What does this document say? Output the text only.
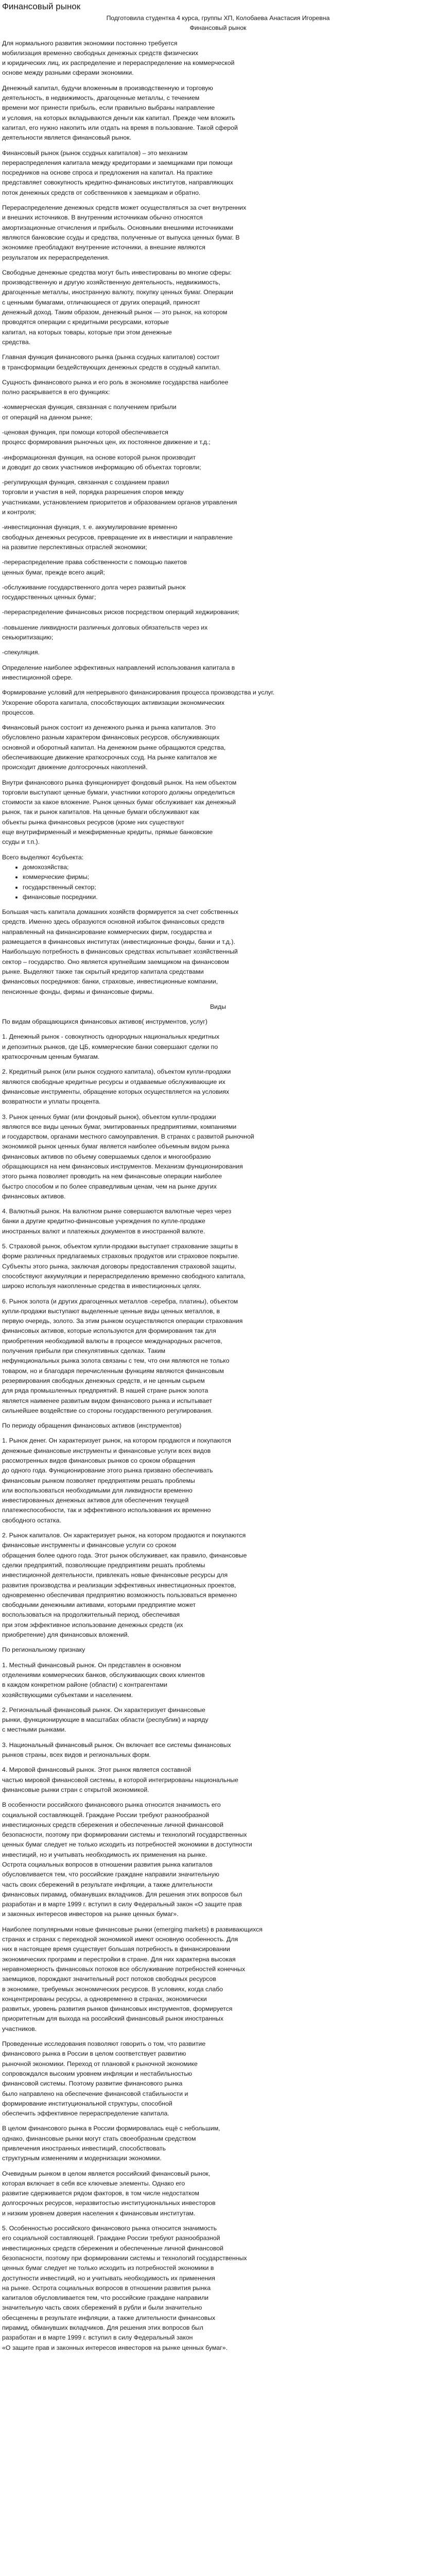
Финансовый рынок

Подготовила студентка 4 курса, группы ХП, Колобаева Анастасия Игоревна

Финансовый рынок

Для нормального развития экономики постоянно требуется
мобилизация временно свободных денежных средств физических
и юридических лиц, их распределение и перераспределение на коммерческой
основе между разными сферами экономики.
Денежный капитал, будучи вложенным в производственную и торговую
деятельность, в недвижимость, драгоценные металлы, с течением
времени мог принести прибыль, если правильно выбраны направление
и условия, на которых вкладываются деньги как капитал. Прежде чем вложить
капитал, его нужно накопить или отдать на время в пользование. Такой сферой
деятельности является финансовый рынок.
Финансовый рынок (рынок ссудных капиталов) – это механизм
перераспределения капитала между кредиторами и заемщиками при помощи
посредников на основе спроса и предложения на капитал. На практике
представляет совокупность кредитно-финансовых институтов, направляющих
поток денежных средств от собственников к заемщикам и обратно.
Перераспределение денежных средств может осуществляться за счет внутренних
и внешних источников. В внутренним источникам обычно относятся
амортизационные отчисления и прибыль. Основными внешними источниками
являются банковские ссуды и средства, полученные от выпуска ценных бумаг. В
экономике преобладают внутренние источники, а внешние являются
результатом их перераспределения.
Свободные денежные средства могут быть инвестированы во многие сферы:
производственную и другую хозяйственную деятельность, недвижимость,
драгоценные металлы, иностранную валюту, покупку ценных бумаг. Операции
с ценными бумагами, отличающиеся от других операций, приносят
денежный доход. Таким образом, денежный рынок — это рынок, на котором
проводятся операции с кредитными ресурсами, которые
капитал, на которых товары, которые при этом денежные
средства.
Главная функция финансового рынка (рынка ссудных капиталов) состоит
в трансформации бездействующих денежных средств в ссудный капитал.
Сущность финансового рынка и его роль в экономике государства наиболее
полно раскрывается в его функциях:
-коммерческая функция, связанная с получением прибыли
от операций на данном рынке;
-ценовая функция, при помощи которой обеспечивается
процесс формирования рыночных цен, их постоянное движение и т.д.;
-информационная функция, на основе которой рынок производит
и доводит до своих участников информацию об объектах торговли;
-регулирующая функция, связанная с созданием правил
торговли и участия в ней, порядка разрешения споров между
участниками, установлением приоритетов и образованием органов управления
и контроля;
-инвестиционная функция, т. е. аккумулирование временно
свободных денежных ресурсов, превращение их в инвестиции и направление
на развитие перспективных отраслей экономики;
-перераспределение права собственности с помощью пакетов
ценных бумаг, прежде всего акций;
-обслуживание государственного долга через развитый рынок
государственных ценных бумаг;
-перераспределение финансовых рисков посредством операций хеджирования;
-повышение ликвидности различных долговых обязательств через их
секьюритизацию;
-спекуляция.
Определение наиболее эффективных направлений использования капитала в
инвестиционной сфере.
Формирование условий для непрерывного финансирования процесса производства и услуг.
Ускорение оборота капитала, способствующих активизации экономических
процессов.
Финансовый рынок состоит из денежного рынка и рынка капиталов. Это
обусловлено разным характером финансовых ресурсов, обслуживающих
основной и оборотный капитал. На денежном рынке обращаются средства,
обеспечивающие движение краткосрочных ссуд. На рынке капиталов же
происходит движение долгосрочных накоплений.
Внутри финансового рынка функционирует фондовый рынок. На нем объектом
торговли выступают ценные бумаги, участники которого должны определиться
стоимости за какое вложение. Рынок ценных бумаг обслуживает как денежный
рынок, так и рынок капиталов. На ценные бумаги обслуживают как
объекты рынка финансовых ресурсов (кроме них существуют
еще внутрифирменный и межфирменные кредиты, прямые банковские
ссуды и т.п.).
Всего выделяют 4субъекта:
• домохозяйства;
• коммерческие фирмы;
• государственный сектор;
• финансовые посредники.
Большая часть капитала домашних хозяйств формируется за счет собственных
средств. Именно здесь образуются основной избыток финансовых средств
направленный на финансирование коммерческих фирм, государства и
размещается в финансовых институтах (инвестиционные фонды, банки и т.д.).
Наибольшую потребность в финансовых средствах испытывает хозяйственный
сектор – государство. Оно является крупнейшим заемщиком на финансовом
рынке. Выделяют также так скрытый кредитор капитала средствами
финансовых посредников: банки, страховые, инвестиционные компании,
пенсионные фонды, фирмы и финансовые фирмы.
Виды
По видам обращающихся финансовых активов( инструментов, услуг)
1. Денежный рынок - совокупность однородных национальных кредитных
и депозитных рынков, где ЦБ, коммерческие банки совершают сделки по
краткосрочным ценным бумагам.
2. Кредитный рынок (или рынок ссудного капитала), объектом купли-продажи
являются свободные кредитные ресурсы и отдаваемые обслуживающие их
финансовые инструменты, обращение которых осуществляется на условиях
возвратности и уплаты процента.
3. Рынок ценных бумаг (или фондовый рынок), объектом купли-продажи
являются все виды ценных бумаг, эмитированных предприятиями, компаниями
и государством, органами местного самоуправления. В странах с развитой рыночной
экономикой рынок ценных бумаг является наиболее объемным видом рынка
финансовых активов по объему совершаемых сделок и многообразию
обращающихся на нем финансовых инструментов. Механизм функционирования
этого рынка позволяет проводить на нем финансовые операции наиболее
быстро способом и по более справедливым ценам, чем на рынке других
финансовых активов.
4. Валютный рынок. На валютном рынке совершаются валютные через через
банки а другие кредитно-финансовые учреждения по купле-продаже
иностранных валют и платежных документов в иностранной валюте.
5. Страховой рынок, объектом купли-продажи выступает страхование защиты в
форме различных предлагаемых страховых продуктов или страховое покрытие.
Субъекты этого рынка, заключая договоры предоставления страховой защиты,
способствуют аккумуляции и перераспределению временно свободного капитала,
широко используя накопленные средства в инвестиционных целях.
6. Рынок золота (и других драгоценных металлов -серебра, платины), объектом
купли-продажи выступают выделенные ценные виды ценных металлов, в
первую очередь, золото. За этим рынком осуществляются операции страхования
финансовых активов, которые используются для формирования так для
приобретения необходимой валюты в процессе международных расчетов,
получения прибыли при спекулятивных сделках. Таким
нефункциональных рынка золота связаны с тем, что они являются не только
товаром, но и благодаря перечисленным функциям являются финансовым
резервирования свободных денежных средств, и не ценным сырьем
для ряда промышленных предприятий. В нашей стране рынок золота
является наименее развитым видом финансового рынка и испытывает
сильнейшее воздействие со стороны государственного регулирования.
По периоду обращения финансовых активов (инструментов)
1. Рынок денег. Он характеризует рынок, на котором продаются и покупаются
денежные финансовые инструменты и финансовые услуги всех видов
рассмотренных видов финансовых рынков со сроком обращения
до одного года. Функционирование этого рынка призвано обеспечивать
финансовым рынком позволяет предприятиям решать проблемы
или воспользоваться необходимыми для ликвидности временно
инвестированных денежных активов для обеспечения текущей
платежеспособности, так и эффективного использования их временно
свободного остатка.
2. Рынок капиталов. Он характеризует рынок, на котором продаются и покупаются
финансовые инструменты и финансовые услуги со сроком
обращения более одного года. Этот рынок обслуживает, как правило, финансовые
сделки предприятий, позволяющие предприятиям решать проблемы
инвестиционной деятельности, привлекать новые финансовые ресурсы для
развития производства и реализации эффективных инвестиционных проектов,
одновременно обеспечивая предприятию возможность пользоваться временно
свободными денежными активами, которыми предприятие может
воспользоваться на продолжительный период, обеспечивая
при этом эффективное использование денежных средств (их
приобретение) для финансовых вложений.
По региональному признаку
1. Местный финансовый рынок. Он представлен в основном
отделениями коммерческих банков, обслуживающих своих клиентов
в каждом конкретном районе (области) с контрагентами
хозяйствующими субъектами и населением.
2. Региональный финансовый рынок. Он характеризует финансовые
рынки, функционирующие в масштабах области (республик) и наряду
с местными рынками.
3. Национальный финансовый рынок. Он включает все системы финансовых
рынков страны, всех видов и региональных форм.
4. Мировой финансовый рынок. Этот рынок является составной
частью мировой финансовой системы, в которой интегрированы национальные
финансовые рынки стран с открытой экономикой.
В особенности российского финансового рынка относится значимость его
социальной составляющей. Граждане России требуют разнообразной
инвестиционных средств сбережения и обеспеченные личной финансовой
безопасности, поэтому при формировании системы и технологий государственных
ценных бумаг следует не только исходить из потребностей экономики в доступности
инвестиций, но и учитывать необходимость их применения на рынке.
Острота социальных вопросов в отношении развития рынка капиталов
обусловливается тем, что российские граждане направили значительную
часть своих сбережений в результате инфляции, а также длительности
финансовых пирамид, обманувших вкладчиков. Для решения этих вопросов был
разработан и в марте 1999 г. вступил в силу Федеральный закон «О защите прав
и законных интересов инвесторов на рынке ценных бумаг».
Наиболее популярными новые финансовые рынки (emerging markets) в развивающихся
странах и странах с переходной экономикой имеют основную особенность. Для
них в настоящее время существует большая потребность в финансировании
экономических программ и перестройки в стране. Для них характерна высокая
неравномерность финансовых потоков все обслуживание потребностей конечных
заемщиков, порождают значительный рост потоков свободных ресурсов
в экономике, требуемых экономических ресурсов. В условиях, когда слабо
концентрированы ресурсы, а одновременно в странах, экономически
развитых, уровень развития рынков финансовых инструментов, формируется
приоритетным для выхода на российский финансовый рынок иностранных
участников.
Проведенные исследования позволяют говорить о том, что развитие
финансового рынка в России в целом соответствует развитию
рыночной экономики. Переход от плановой к рыночной экономике
сопровождался высоким уровнем инфляции и нестабильностью
финансовой системы. Поэтому развитие финансового рынка
было направлено на обеспечение финансовой стабильности и
формирование институциональной структуры, способной
обеспечить эффективное перераспределение капитала.
В целом финансового рынка в России формировалась ещё с небольшим,
однако, финансовые рынки могут стать своеобразным средством
привлечения иностранных инвестиций, способствовать
структурным изменениям и модернизации экономики.
Очевидным рынком в целом является российский финансовый рынок,
которая включает в себя все ключевые элементы. Однако его
развитие сдерживается рядом факторов, в том числе недостатком
долгосрочных ресурсов, неразвитостью институциональных инвесторов
и низким уровнем доверия населения к финансовым институтам.
5. Особенностью российского финансового рынка относится значимость
его социальной составляющей. Граждане России требуют разнообразной
инвестиционных средств сбережения и обеспеченные личной финансовой
безопасности, поэтому при формировании системы и технологий государственных
ценных бумаг следует не только исходить из потребностей экономики в
доступности инвестиций, но и учитывать необходимость их применения
на рынке. Острота социальных вопросов в отношении развития рынка
капиталов обусловливается тем, что российские граждане направили
значительную часть своих сбережений в рубли и были значительно
обесценены в результате инфляции, а также длительности финансовых
пирамид, обманувших вкладчиков. Для решения этих вопросов был
разработан и в марте 1999 г. вступил в силу Федеральный закон
«О защите прав и законных интересов инвесторов на рынке ценных бумаг».
